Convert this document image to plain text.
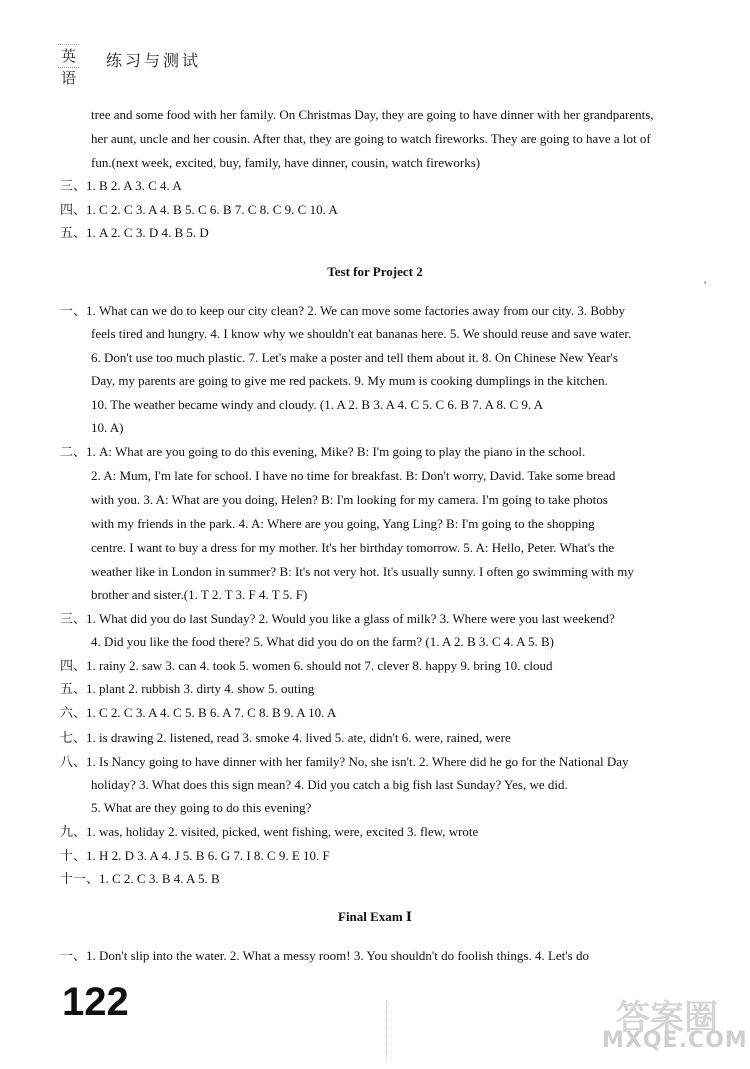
英语
练习与测试
tree and some food with her family. On Christmas Day, they are going to have dinner with her grandparents,
her aunt, uncle and her cousin. After that, they are going to watch fireworks. They are going to have a lot of
fun.(next week, excited, buy, family, have dinner, cousin, watch fireworks)
三、1. B 2. A 3. C 4. A
四、1. C 2. C 3. A 4. B 5. C 6. B 7. C 8. C 9. C 10. A
五、1. A 2. C 3. D 4. B 5. D
Test for Project 2
'
一、1. What can we do to keep our city clean? 2. We can move some factories away from our city. 3. Bobby
feels tired and hungry. 4. I know why we shouldn't eat bananas here. 5. We should reuse and save water.
6. Don't use too much plastic. 7. Let's make a poster and tell them about it. 8. On Chinese New Year's
Day, my parents are going to give me red packets. 9. My mum is cooking dumplings in the kitchen.
10. The weather became windy and cloudy. (1. A 2. B 3. A 4. C 5. C 6. B 7. A 8. C 9. A
10. A)
二、1. A: What are you going to do this evening, Mike? B: I'm going to play the piano in the school.
2. A: Mum, I'm late for school. I have no time for breakfast. B: Don't worry, David. Take some bread
with you. 3. A: What are you doing, Helen? B: I'm looking for my camera. I'm going to take photos
with my friends in the park. 4. A: Where are you going, Yang Ling? B: I'm going to the shopping
centre. I want to buy a dress for my mother. It's her birthday tomorrow. 5. A: Hello, Peter. What's the
weather like in London in summer? B: It's not very hot. It's usually sunny. I often go swimming with my
brother and sister.(1. T 2. T 3. F 4. T 5. F)
三、1. What did you do last Sunday? 2. Would you like a glass of milk? 3. Where were you last weekend?
4. Did you like the food there? 5. What did you do on the farm? (1. A 2. B 3. C 4. A 5. B)
四、1. rainy 2. saw 3. can 4. took 5. women 6. should not 7. clever 8. happy 9. bring 10. cloud
五、1. plant 2. rubbish 3. dirty 4. show 5. outing
六、1. C 2. C 3. A 4. C 5. B 6. A 7. C 8. B 9. A 10. A
七、1. is drawing 2. listened, read 3. smoke 4. lived 5. ate, didn't 6. were, rained, were
八、1. Is Nancy going to have dinner with her family? No, she isn't. 2. Where did he go for the National Day
holiday? 3. What does this sign mean? 4. Did you catch a big fish last Sunday? Yes, we did.
5. What are they going to do this evening?
九、1. was, holiday 2. visited, picked, went fishing, were, excited 3. flew, wrote
十、1. H 2. D 3. A 4. J 5. B 6. G 7. I 8. C 9. E 10. F
十一、1. C 2. C 3. B 4. A 5. B
Final Exam Ⅰ
一、1. Don't slip into the water. 2. What a messy room! 3. You shouldn't do foolish things. 4. Let's do
122	答案圈
MXQE.COM
